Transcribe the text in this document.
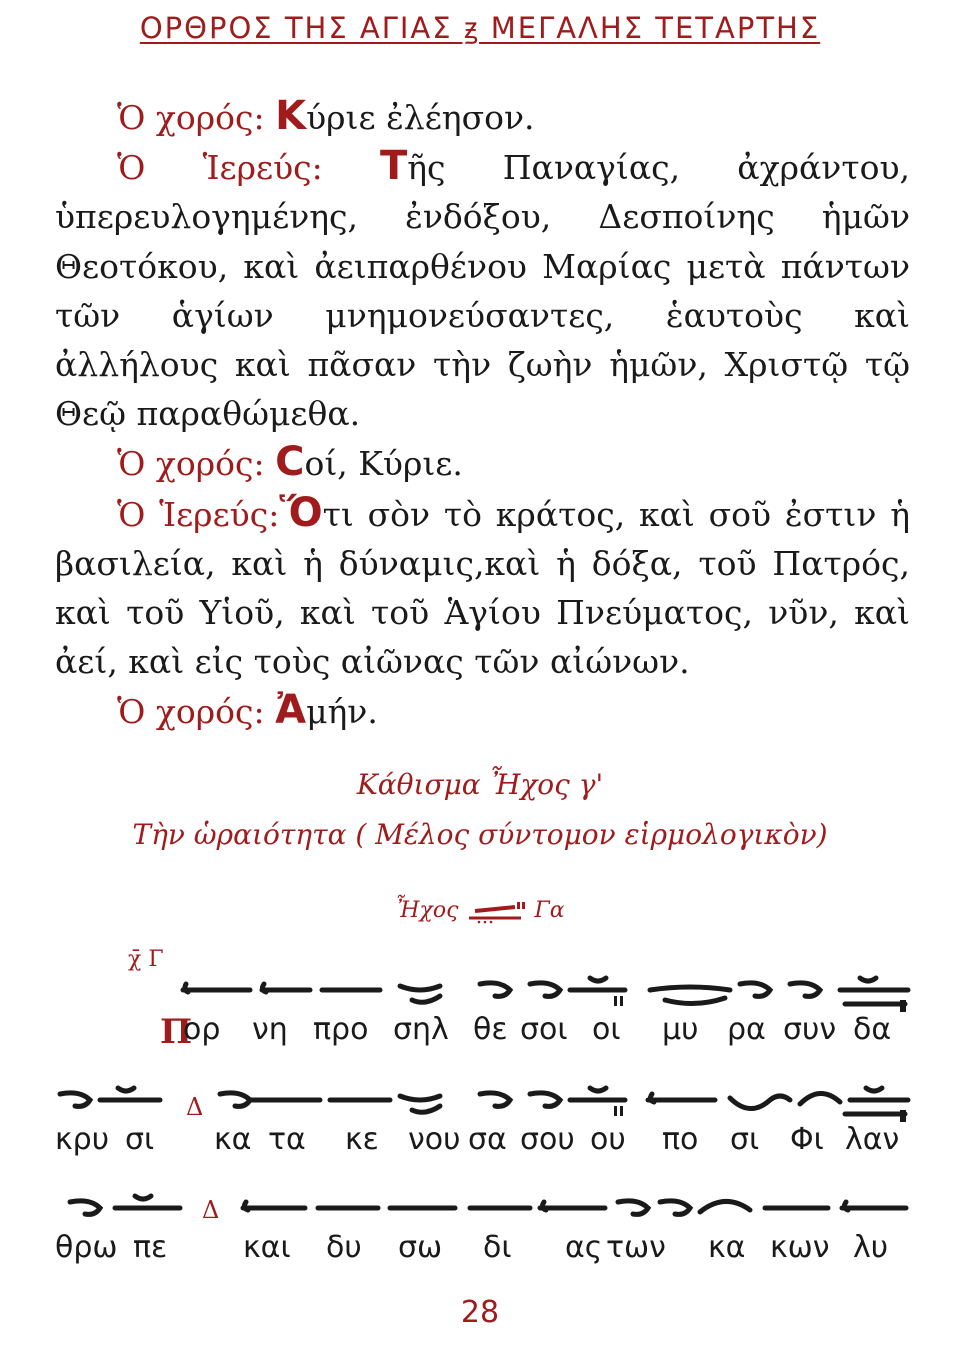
ΟΡΘΡΟΣ ΤΗΣ ΑΓΙΑΣ ꙃ ΜΕΓΑΛΗΣ ΤΕΤΑΡΤΗΣ

Ὁ χορός: Κύριε ἐλέησον.

Ὁ Ἱερεύς: Τῆς Παναγίας, ἀχράντου, ὑπερευλογημένης, ἐνδόξου, Δεσποίνης ἡμῶν Θεοτόκου, καὶ ἀειπαρθένου Μαρίας μετὰ πάντων τῶν ἁγίων μνημονεύσαντες, ἑαυτοὺς καὶ ἀλλήλους καὶ πᾶσαν τὴν ζωὴν ἡμῶν, Χριστῷ τῷ Θεῷ παραθώμεθα.

Ὁ χορός: Cοί, Κύριε.

Ὁ Ἱερεύς:Ὅτι σὸν τὸ κράτος, καὶ σοῦ ἐστιν ἡ βασιλεία, καὶ ἡ δύναμις,καὶ ἡ δόξα, τοῦ Πατρός, καὶ τοῦ Υἱοῦ, καὶ τοῦ Ἁγίου Πνεύματος, νῦν, καὶ ἀεί, καὶ εἰς τοὺς αἰῶνας τῶν αἰώνων.

Ὁ χορός: Ἀμήν.

Κάθισμα Ἦχος γ'
Τὴν ὡραιότητα ( Μέλος σύντομον εἱρμολογικὸν)
Ἦχος	Γα
χ̄ Γ
Π
ορ νη προ σηλ θε σοι οι μυ ρα συν δα
Δ
κρυ σι κα τα κε νου σα σου ου πο σι Φι λαν
Δ
θρω πε	και δυ σω δι ας των κα κων λυ
28
